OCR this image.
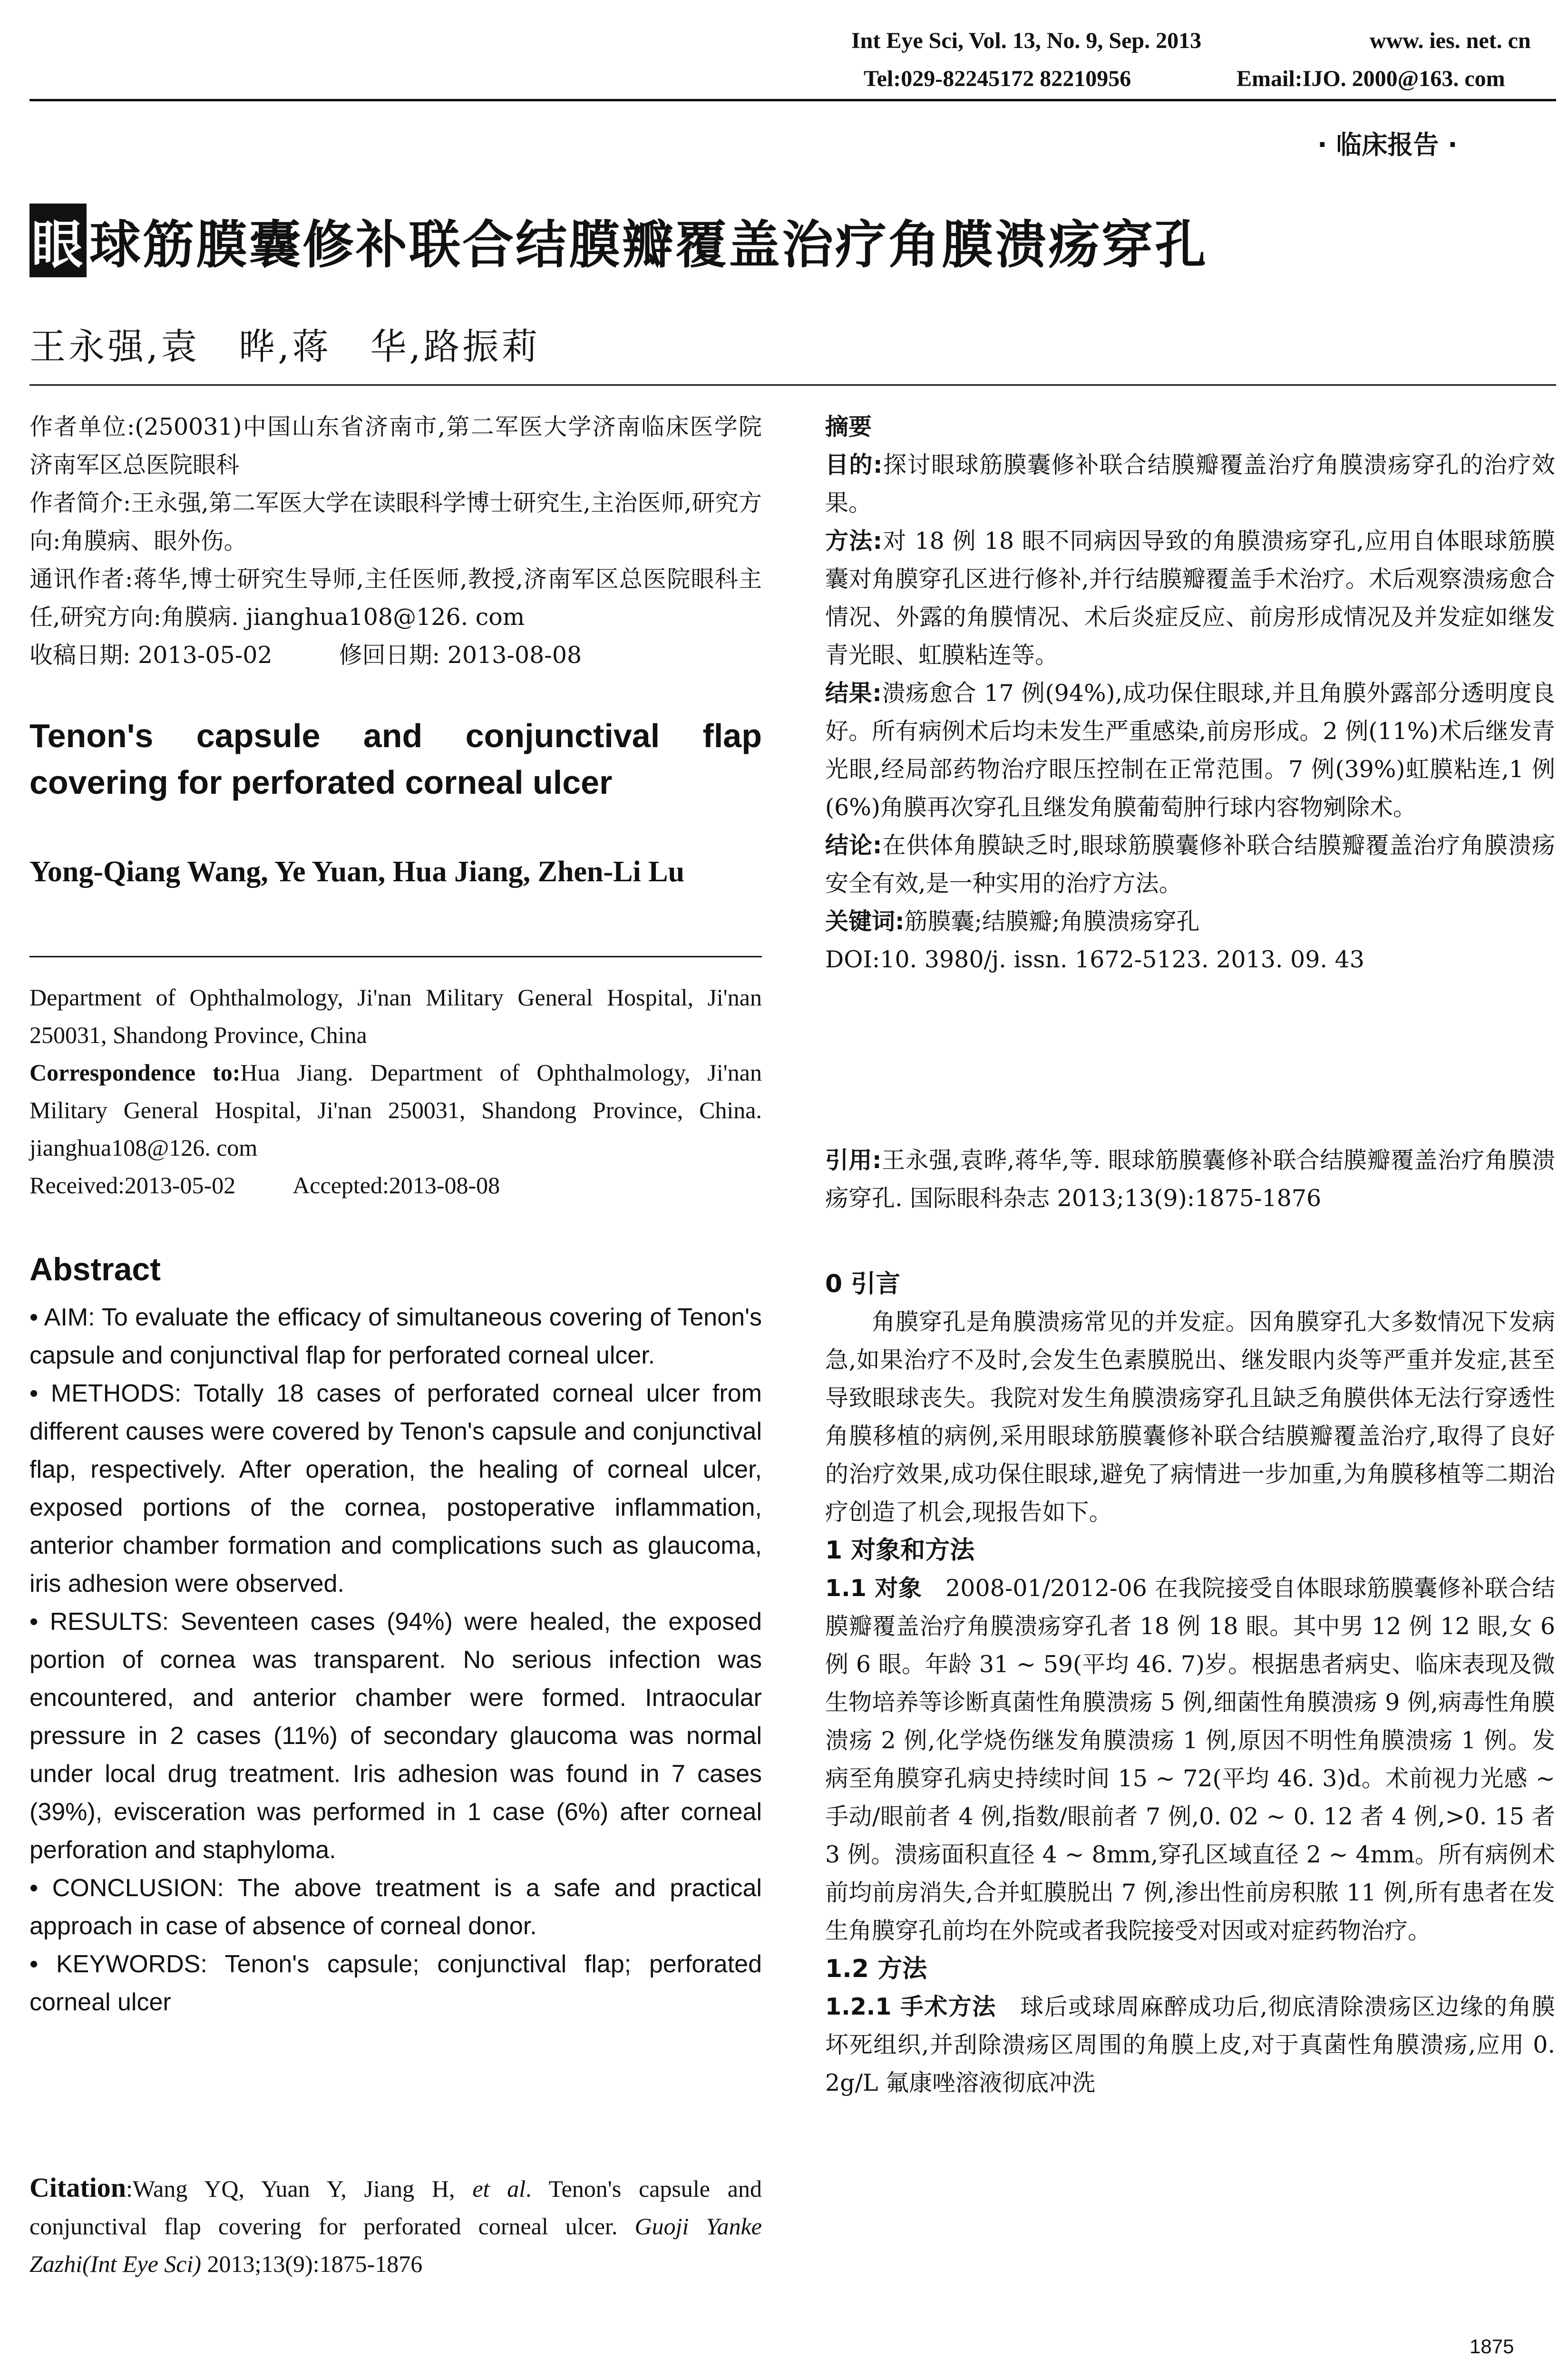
Int Eye Sci, Vol. 13, No. 9, Sep. 2013	www. ies. net. cn
Tel:029-82245172 82210956	Email:IJO. 2000@163. com
· 临床报告 ·
眼球筋膜囊修补联合结膜瓣覆盖治疗角膜溃疡穿孔
王永强,袁　晔,蒋　华,路振莉

作者单位:(250031)中国山东省济南市,第二军医大学济南临床医学院 济南军区总医院眼科

作者简介:王永强,第二军医大学在读眼科学博士研究生,主治医师,研究方向:角膜病、眼外伤。

通讯作者:蒋华,博士研究生导师,主任医师,教授,济南军区总医院眼科主任,研究方向:角膜病. jianghua108@126. com

收稿日期: 2013-05-02	修回日期: 2013-08-08

Tenon's capsule and conjunctival flap covering for perforated corneal ulcer
Yong-Qiang Wang, Ye Yuan, Hua Jiang, Zhen-Li Lu

Department of Ophthalmology, Ji'nan Military General Hospital, Ji'nan 250031, Shandong Province, China

Correspondence to:Hua Jiang. Department of Ophthalmology, Ji'nan Military General Hospital, Ji'nan 250031, Shandong Province, China. jianghua108@126. com

Received:2013-05-02 Accepted:2013-08-08

Abstract

• AIM: To evaluate the efficacy of simultaneous covering of Tenon's capsule and conjunctival flap for perforated corneal ulcer.

• METHODS: Totally 18 cases of perforated corneal ulcer from different causes were covered by Tenon's capsule and conjunctival flap, respectively. After operation, the healing of corneal ulcer, exposed portions of the cornea, postoperative inflammation, anterior chamber formation and complications such as glaucoma, iris adhesion were observed.

• RESULTS: Seventeen cases (94%) were healed, the exposed portion of cornea was transparent. No serious infection was encountered, and anterior chamber were formed. Intraocular pressure in 2 cases (11%) of secondary glaucoma was normal under local drug treatment. Iris adhesion was found in 7 cases (39%), evisceration was performed in 1 case (6%) after corneal perforation and staphyloma.

• CONCLUSION: The above treatment is a safe and practical approach in case of absence of corneal donor.

• KEYWORDS: Tenon's capsule; conjunctival flap; perforated corneal ulcer

Citation:Wang YQ, Yuan Y, Jiang H, et al. Tenon's capsule and conjunctival flap covering for perforated corneal ulcer. Guoji Yanke Zazhi(Int Eye Sci) 2013;13(9):1875-1876

摘要

目的:探讨眼球筋膜囊修补联合结膜瓣覆盖治疗角膜溃疡穿孔的治疗效果。

方法:对 18 例 18 眼不同病因导致的角膜溃疡穿孔,应用自体眼球筋膜囊对角膜穿孔区进行修补,并行结膜瓣覆盖手术治疗。术后观察溃疡愈合情况、外露的角膜情况、术后炎症反应、前房形成情况及并发症如继发青光眼、虹膜粘连等。

结果:溃疡愈合 17 例(94%),成功保住眼球,并且角膜外露部分透明度良好。所有病例术后均未发生严重感染,前房形成。2 例(11%)术后继发青光眼,经局部药物治疗眼压控制在正常范围。7 例(39%)虹膜粘连,1 例(6%)角膜再次穿孔且继发角膜葡萄肿行球内容物剜除术。

结论:在供体角膜缺乏时,眼球筋膜囊修补联合结膜瓣覆盖治疗角膜溃疡安全有效,是一种实用的治疗方法。

关键词:筋膜囊;结膜瓣;角膜溃疡穿孔

DOI:10. 3980/j. issn. 1672-5123. 2013. 09. 43

引用:王永强,袁晔,蒋华,等. 眼球筋膜囊修补联合结膜瓣覆盖治疗角膜溃疡穿孔. 国际眼科杂志 2013;13(9):1875-1876

0 引言

角膜穿孔是角膜溃疡常见的并发症。因角膜穿孔大多数情况下发病急,如果治疗不及时,会发生色素膜脱出、继发眼内炎等严重并发症,甚至导致眼球丧失。我院对发生角膜溃疡穿孔且缺乏角膜供体无法行穿透性角膜移植的病例,采用眼球筋膜囊修补联合结膜瓣覆盖治疗,取得了良好的治疗效果,成功保住眼球,避免了病情进一步加重,为角膜移植等二期治疗创造了机会,现报告如下。

1 对象和方法

1.1 对象　2008-01/2012-06 在我院接受自体眼球筋膜囊修补联合结膜瓣覆盖治疗角膜溃疡穿孔者 18 例 18 眼。其中男 12 例 12 眼,女 6 例 6 眼。年龄 31 ~ 59(平均 46. 7)岁。根据患者病史、临床表现及微生物培养等诊断真菌性角膜溃疡 5 例,细菌性角膜溃疡 9 例,病毒性角膜溃疡 2 例,化学烧伤继发角膜溃疡 1 例,原因不明性角膜溃疡 1 例。发病至角膜穿孔病史持续时间 15 ~ 72(平均 46. 3)d。术前视力光感 ~ 手动/眼前者 4 例,指数/眼前者 7 例,0. 02 ~ 0. 12 者 4 例,>0. 15 者 3 例。溃疡面积直径 4 ~ 8mm,穿孔区域直径 2 ~ 4mm。所有病例术前均前房消失,合并虹膜脱出 7 例,渗出性前房积脓 11 例,所有患者在发生角膜穿孔前均在外院或者我院接受对因或对症药物治疗。

1.2 方法

1.2.1 手术方法　球后或球周麻醉成功后,彻底清除溃疡区边缘的角膜坏死组织,并刮除溃疡区周围的角膜上皮,对于真菌性角膜溃疡,应用 0. 2g/L 氟康唑溶液彻底冲洗

1875
